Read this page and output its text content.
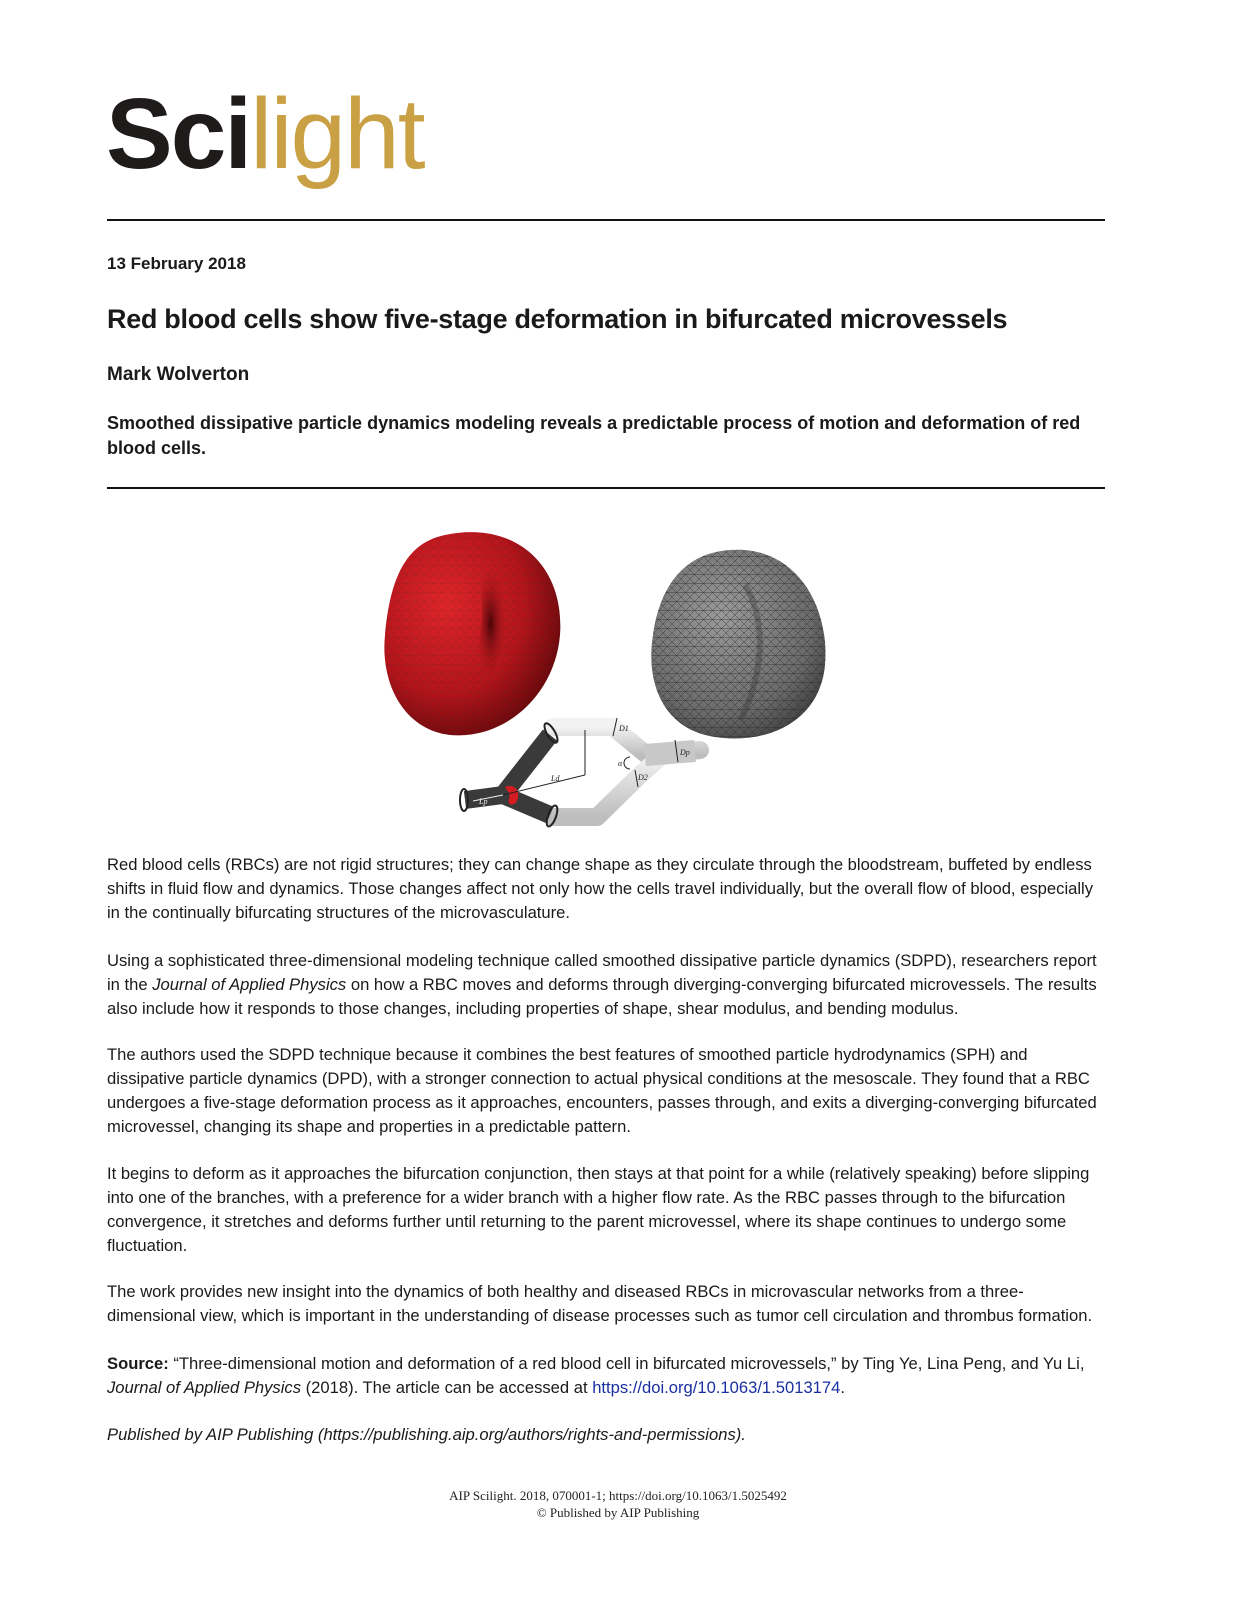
Sci light
13 February 2018
Red blood cells show five-stage deformation in bifurcated microvessels
Mark Wolverton
Smoothed dissipative particle dynamics modeling reveals a predictable process of motion and deformation of red blood cells.
D1
D2
Dp
α
Ld
Lp

Red blood cells (RBCs) are not rigid structures; they can change shape as they circulate through the bloodstream, buffeted by endless shifts in fluid flow and dynamics. Those changes affect not only how the cells travel individually, but the overall flow of blood, especially in the continually bifurcating structures of the microvasculature.

Using a sophisticated three-dimensional modeling technique called smoothed dissipative particle dynamics (SDPD), researchers report in the Journal of Applied Physics on how a RBC moves and deforms through diverging-converging bifurcated microvessels. The results also include how it responds to those changes, including properties of shape, shear modulus, and bending modulus.

The authors used the SDPD technique because it combines the best features of smoothed particle hydrodynamics (SPH) and dissipative particle dynamics (DPD), with a stronger connection to actual physical conditions at the mesoscale. They found that a RBC undergoes a five-stage deformation process as it approaches, encounters, passes through, and exits a diverging-converging bifurcated microvessel, changing its shape and properties in a predictable pattern.

It begins to deform as it approaches the bifurcation conjunction, then stays at that point for a while (relatively speaking) before slipping into one of the branches, with a preference for a wider branch with a higher flow rate. As the RBC passes through to the bifurcation convergence, it stretches and deforms further until returning to the parent microvessel, where its shape continues to undergo some fluctuation.

The work provides new insight into the dynamics of both healthy and diseased RBCs in microvascular networks from a three-dimensional view, which is important in the understanding of disease processes such as tumor cell circulation and thrombus formation.

Source: “Three-dimensional motion and deformation of a red blood cell in bifurcated microvessels,” by Ting Ye, Lina Peng, and Yu Li, Journal of Applied Physics (2018). The article can be accessed at https://doi.org/10.1063/1.5013174.

Published by AIP Publishing (https://publishing.aip.org/authors/rights-and-permissions).

AIP Scilight. 2018, 070001-1; https://doi.org/10.1063/1.5025492
© Published by AIP Publishing
